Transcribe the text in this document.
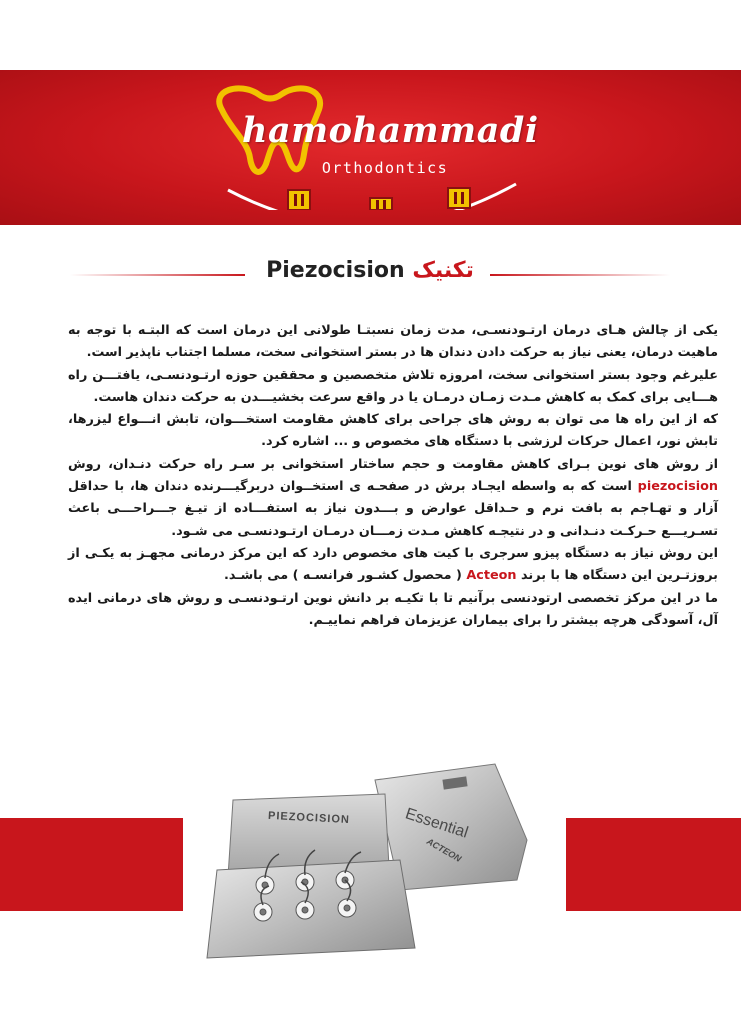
hamohammadi
Orthodontics
تکنیک Piezocision

یکی از چالش هـای درمان ارتـودنسـی، مدت زمان نسبتـا طولانی این درمان است که البتـه با توجه به ماهیت درمان، یعنی نیاز به حرکت دادن دندان ها در بستر استخوانی سخت، مسلما اجتناب ناپذیر است.

علیرغم وجود بستر استخوانی سخت، امروزه تلاش متخصصین و محققین حوزه ارتـودنسـی، یافتـــن راه هـــایی برای کمک به کاهش مـدت زمـان درمـان یا در واقع سرعت بخشیـــدن به حرکت دندان هاست.

که از این راه ها می توان به روش های جراحی برای کاهش مقاومت استخـــوان، تابش انـــواع لیزرها، تابش نور، اعمال حرکات لرزشی با دستگاه های مخصوص و ... اشاره کرد.

از روش های نوین بـرای کاهش مقاومت و حجم ساختار استخوانی بر سـر راه حرکت دنـدان، روش piezocision است که به واسطه ایجـاد برش در صفحـه ی استخــوان دربرگیـــرنده دندان ها، با حداقل آزار و تهـاجم به بافت نرم و حـداقل عوارض و بـــدون نیاز به استفـــاده از تیـغ جـــراحـــی باعث تسـریـــع حـرکـت دنـدانی و در نتیجـه کاهش مـدت زمـــان درمـان ارتـودنسـی می شـود.

این روش نیاز به دستگاه پیزو سرجری با کیت های مخصوص دارد که این مرکز درمانی مجهـز به یکـی از بروزتـرین این دستگاه ها با برند Acteon ( محصول کشـور فرانسـه ) می باشـد.

ما در این مرکز تخصصی ارتودنسی برآنیم تا با تکیـه بر دانش نوین ارتـودنسـی و روش های درمانی ایده آل، آسودگی هرچه بیشتر را برای بیماران عزیزمان فراهم نماییـم.

PIEZOCISION	Essential
ACTEON
